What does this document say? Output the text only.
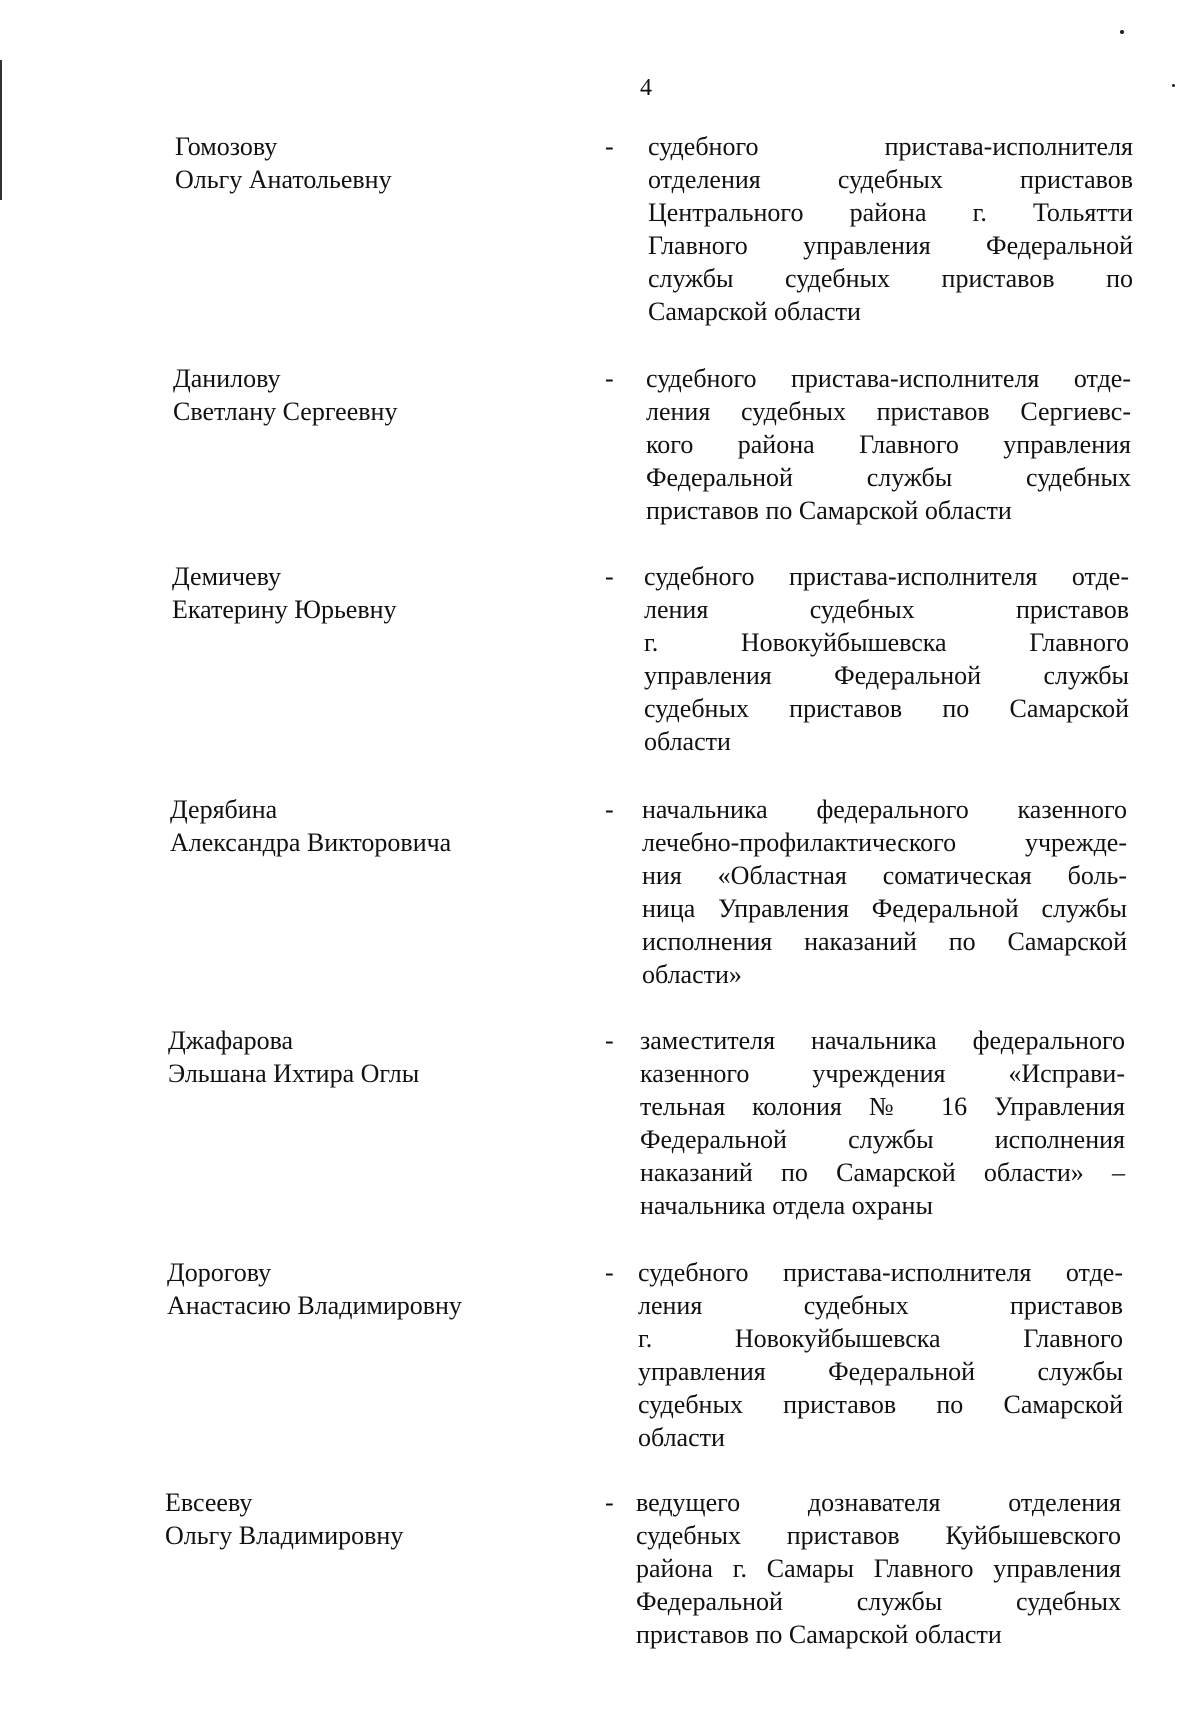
4
Гомозову
Ольгу Анатольевну
- судебного пристава-исполнителя
отделения судебных приставов
Центрального района г. Тольятти
Главного управления Федеральной
службы судебных приставов по
Самарской области
Данилову
Светлану Сергеевну
- судебного пристава-исполнителя отде-
ления судебных приставов Сергиевс-
кого района Главного управления
Федеральной службы судебных
приставов по Самарской области
Демичеву
Екатерину Юрьевну
- судебного пристава-исполнителя отде-
ления судебных приставов
г. Новокуйбышевска Главного
управления Федеральной службы
судебных приставов по Самарской
области
Дерябина
Александра Викторовича
- начальника федерального казенного
лечебно-профилактического учрежде-
ния «Областная соматическая боль-
ница Управления Федеральной службы
исполнения наказаний по Самарской
области»
Джафарова
Эльшана Ихтира Оглы
- заместителя начальника федерального
казенного учреждения «Исправи-
тельная колония № 16 Управления
Федеральной службы исполнения
наказаний по Самарской области» –
начальника отдела охраны
Дорогову
Анастасию Владимировну
- судебного пристава-исполнителя отде-
ления судебных приставов
г. Новокуйбышевска Главного
управления Федеральной службы
судебных приставов по Самарской
области
Евсееву
Ольгу Владимировну
- ведущего дознавателя отделения
судебных приставов Куйбышевского
района г. Самары Главного управления
Федеральной службы судебных
приставов по Самарской области
